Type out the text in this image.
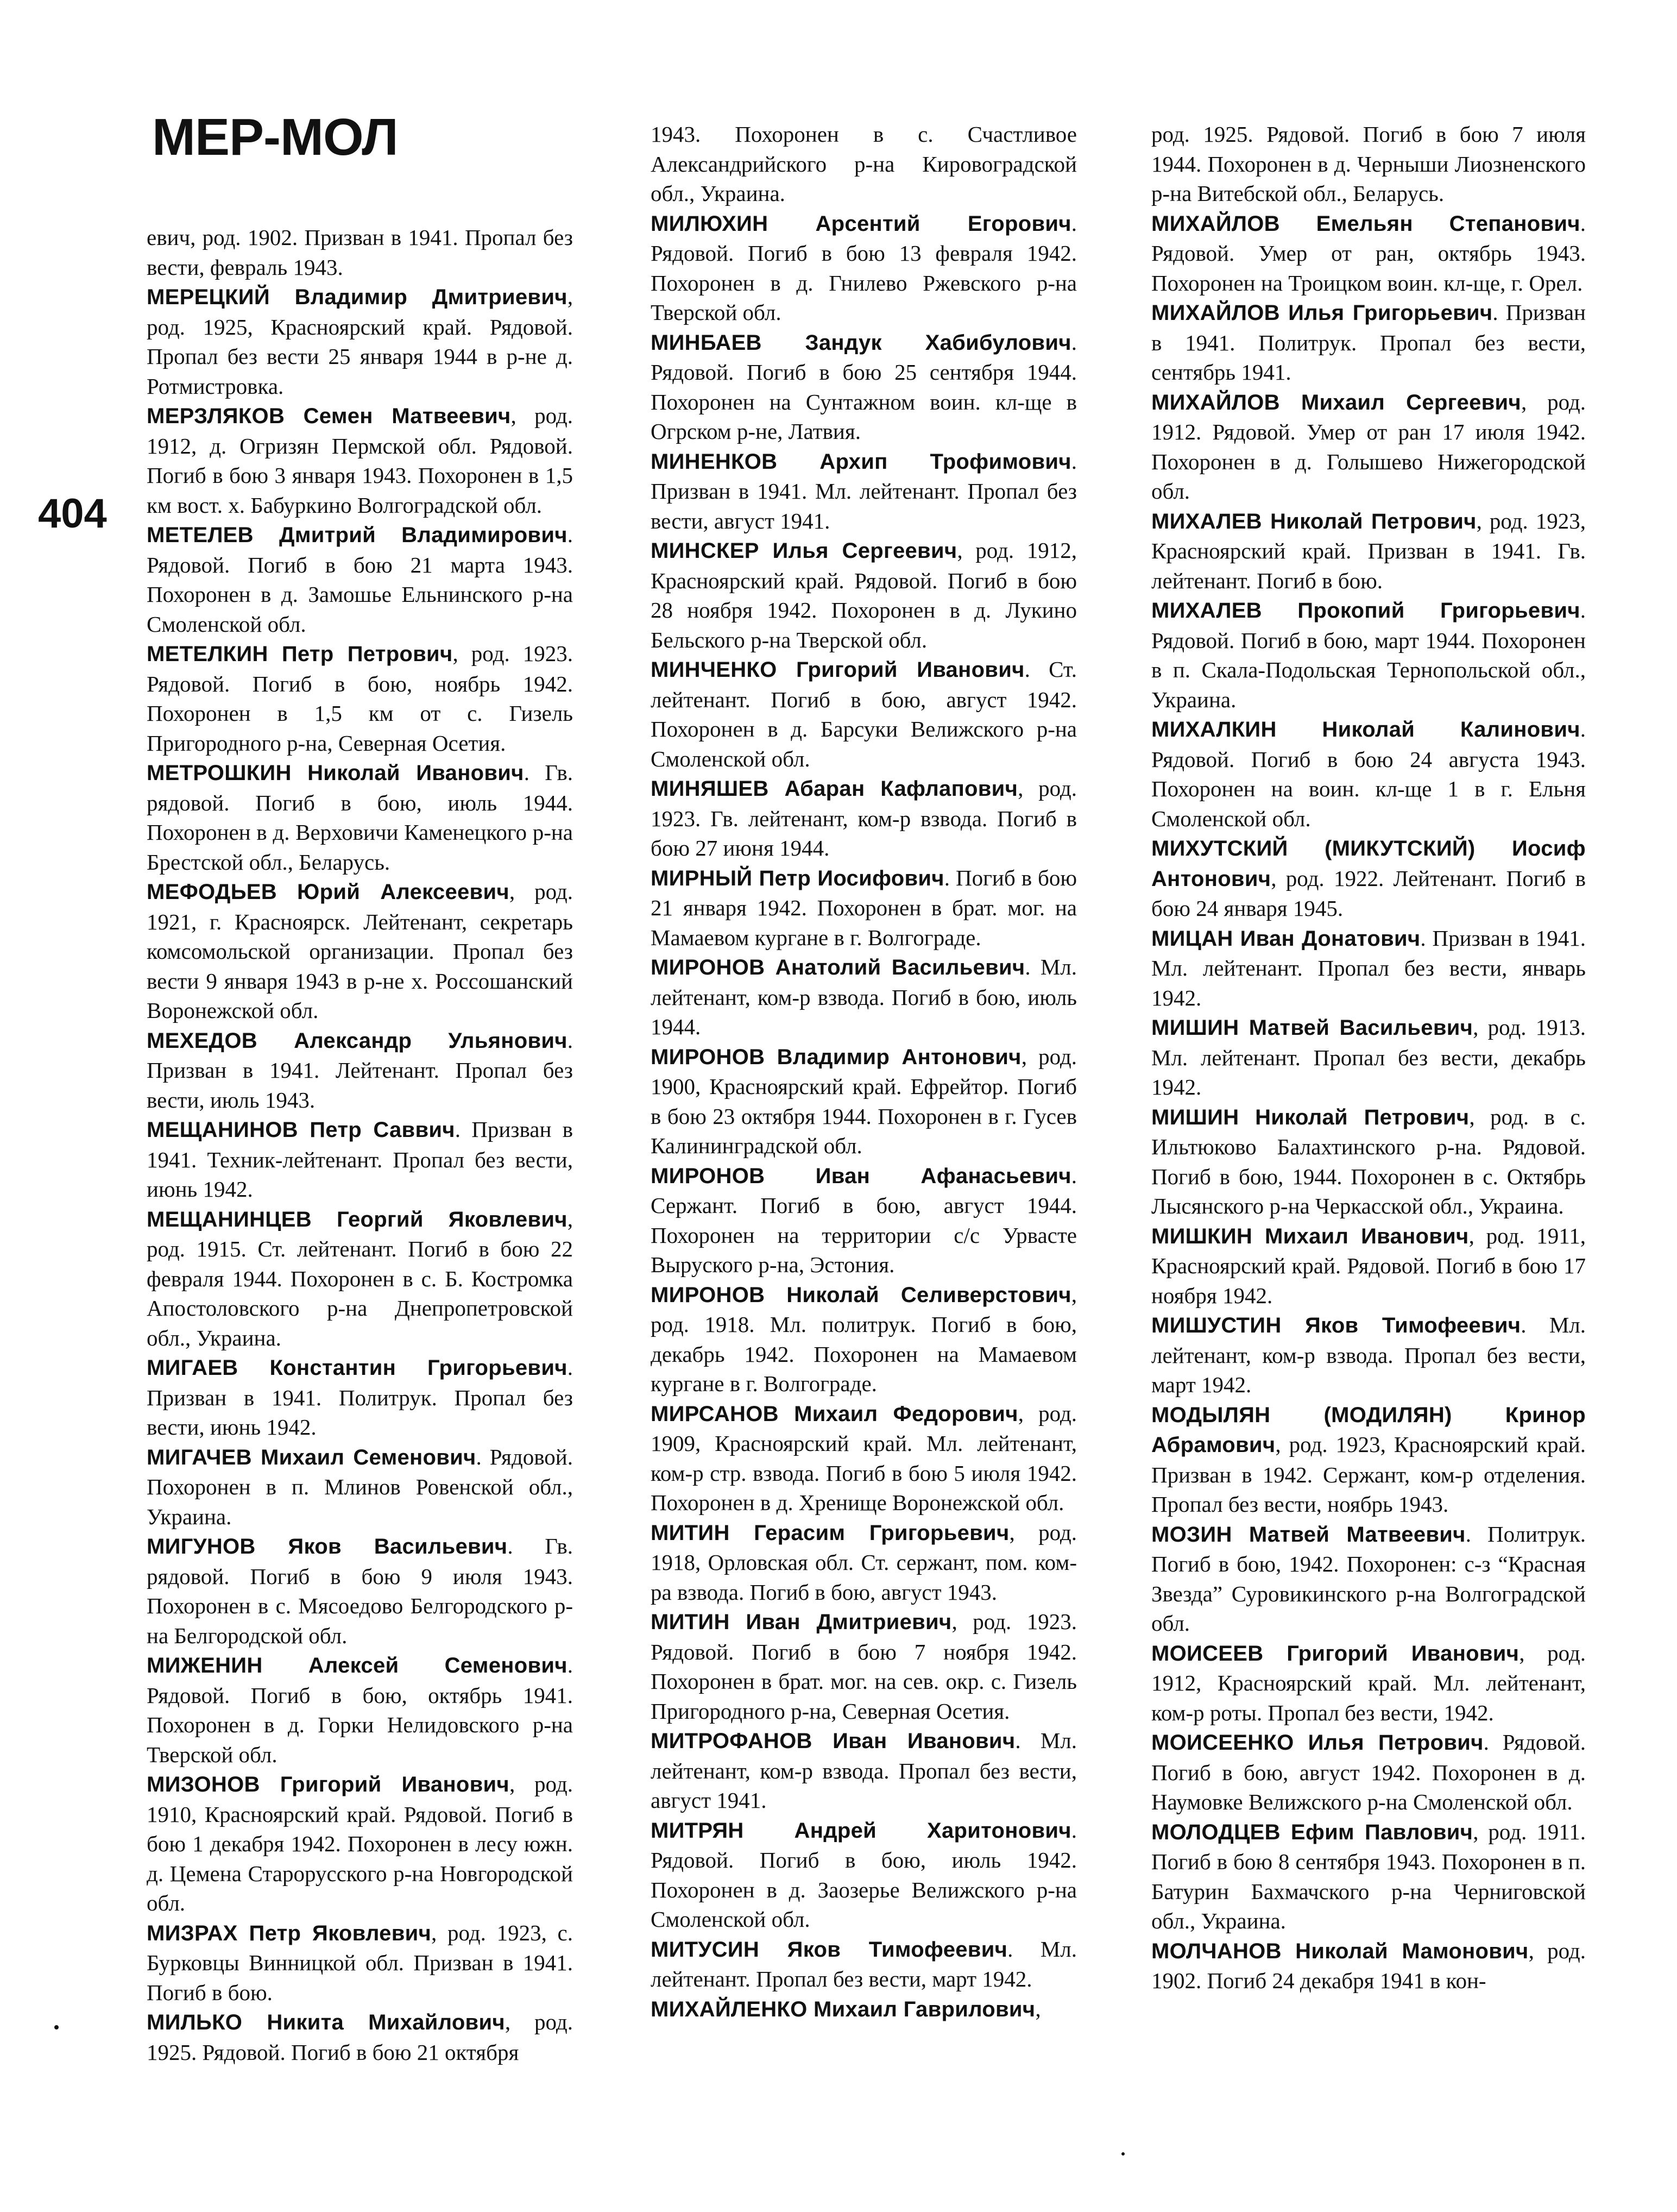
МЕР-МОЛ
404

евич, род. 1902. Призван в 1941. Пропал без вести, февраль 1943.

МЕРЕЦКИЙ Владимир Дмитриевич, род. 1925, Красноярский край. Рядовой. Пропал без вести 25 января 1944 в р-не д. Ротмистровка.

МЕРЗЛЯКОВ Семен Матвеевич, род. 1912, д. Огризян Пермской обл. Рядовой. Погиб в бою 3 января 1943. Похоронен в 1,5 км вост. х. Бабуркино Волгоградской обл.

МЕТЕЛЕВ Дмитрий Владимирович. Рядовой. Погиб в бою 21 марта 1943. Похоронен в д. Замошье Ельнинского р-на Смоленской обл.

МЕТЕЛКИН Петр Петрович, род. 1923. Рядовой. Погиб в бою, ноябрь 1942. Похоронен в 1,5 км от с. Гизель Пригородного р-на, Северная Осетия.

МЕТРОШКИН Николай Иванович. Гв. рядовой. Погиб в бою, июль 1944. Похоронен в д. Верховичи Каменецкого р-на Брестской обл., Беларусь.

МЕФОДЬЕВ Юрий Алексеевич, род. 1921, г. Красноярск. Лейтенант, секретарь комсомольской организации. Пропал без вести 9 января 1943 в р-не х. Россошанский Воронежской обл.

МЕХЕДОВ Александр Ульянович. Призван в 1941. Лейтенант. Пропал без вести, июль 1943.

МЕЩАНИНОВ Петр Саввич. Призван в 1941. Техник-лейтенант. Пропал без вести, июнь 1942.

МЕЩАНИНЦЕВ Георгий Яковлевич, род. 1915. Ст. лейтенант. Погиб в бою 22 февраля 1944. Похоронен в с. Б. Костромка Апостоловского р-на Днепропетровской обл., Украина.

МИГАЕВ Константин Григорьевич. Призван в 1941. Политрук. Пропал без вести, июнь 1942.

МИГАЧЕВ Михаил Семенович. Рядовой. Похоронен в п. Млинов Ровенской обл., Украина.

МИГУНОВ Яков Васильевич. Гв. рядовой. Погиб в бою 9 июля 1943. Похоронен в с. Мясоедово Белгородского р-на Белгородской обл.

МИЖЕНИН Алексей Семенович. Рядовой. Погиб в бою, октябрь 1941. Похоронен в д. Горки Нелидовского р-на Тверской обл.

МИЗОНОВ Григорий Иванович, род. 1910, Красноярский край. Рядовой. Погиб в бою 1 декабря 1942. Похоронен в лесу южн. д. Цемена Старорусского р-на Новгородской обл.

МИЗРАХ Петр Яковлевич, род. 1923, с. Бурковцы Винницкой обл. Призван в 1941. Погиб в бою.

МИЛЬКО Никита Михайлович, род. 1925. Рядовой. Погиб в бою 21 октября

1943. Похоронен в с. Счастливое Александрийского р-на Кировоградской обл., Украина.

МИЛЮХИН Арсентий Егорович. Рядовой. Погиб в бою 13 февраля 1942. Похоронен в д. Гнилево Ржевского р-на Тверской обл.

МИНБАЕВ Зандук Хабибулович. Рядовой. Погиб в бою 25 сентября 1944. Похоронен на Сунтажном воин. кл-ще в Огрском р-не, Латвия.

МИНЕНКОВ Архип Трофимович. Призван в 1941. Мл. лейтенант. Пропал без вести, август 1941.

МИНСКЕР Илья Сергеевич, род. 1912, Красноярский край. Рядовой. Погиб в бою 28 ноября 1942. Похоронен в д. Лукино Бельского р-на Тверской обл.

МИНЧЕНКО Григорий Иванович. Ст. лейтенант. Погиб в бою, август 1942. Похоронен в д. Барсуки Велижского р-на Смоленской обл.

МИНЯШЕВ Абаран Кафлапович, род. 1923. Гв. лейтенант, ком-р взвода. Погиб в бою 27 июня 1944.

МИРНЫЙ Петр Иосифович. Погиб в бою 21 января 1942. Похоронен в брат. мог. на Мамаевом кургане в г. Волгограде.

МИРОНОВ Анатолий Васильевич. Мл. лейтенант, ком-р взвода. Погиб в бою, июль 1944.

МИРОНОВ Владимир Антонович, род. 1900, Красноярский край. Ефрейтор. Погиб в бою 23 октября 1944. Похоронен в г. Гусев Калининградской обл.

МИРОНОВ Иван Афанасьевич. Сержант. Погиб в бою, август 1944. Похоронен на территории с/с Урвасте Выруского р-на, Эстония.

МИРОНОВ Николай Селиверстович, род. 1918. Мл. политрук. Погиб в бою, декабрь 1942. Похоронен на Мамаевом кургане в г. Волгограде.

МИРСАНОВ Михаил Федорович, род. 1909, Красноярский край. Мл. лейтенант, ком-р стр. взвода. Погиб в бою 5 июля 1942. Похоронен в д. Хренище Воронежской обл.

МИТИН Герасим Григорьевич, род. 1918, Орловская обл. Ст. сержант, пом. ком-ра взвода. Погиб в бою, август 1943.

МИТИН Иван Дмитриевич, род. 1923. Рядовой. Погиб в бою 7 ноября 1942. Похоронен в брат. мог. на сев. окр. с. Гизель Пригородного р-на, Северная Осетия.

МИТРОФАНОВ Иван Иванович. Мл. лейтенант, ком-р взвода. Пропал без вести, август 1941.

МИТРЯН Андрей Харитонович. Рядовой. Погиб в бою, июль 1942. Похоронен в д. Заозерье Велижского р-на Смоленской обл.

МИТУСИН Яков Тимофеевич. Мл. лейтенант. Пропал без вести, март 1942.

МИХАЙЛЕНКО Михаил Гаврилович,

род. 1925. Рядовой. Погиб в бою 7 июля 1944. Похоронен в д. Черныши Лиозненского р-на Витебской обл., Беларусь.

МИХАЙЛОВ Емельян Степанович. Рядовой. Умер от ран, октябрь 1943. Похоронен на Троицком воин. кл-ще, г. Орел.

МИХАЙЛОВ Илья Григорьевич. Призван в 1941. Политрук. Пропал без вести, сентябрь 1941.

МИХАЙЛОВ Михаил Сергеевич, род. 1912. Рядовой. Умер от ран 17 июля 1942. Похоронен в д. Голышево Нижегородской обл.

МИХАЛЕВ Николай Петрович, род. 1923, Красноярский край. Призван в 1941. Гв. лейтенант. Погиб в бою.

МИХАЛЕВ Прокопий Григорьевич. Рядовой. Погиб в бою, март 1944. Похоронен в п. Скала-Подольская Тернопольской обл., Украина.

МИХАЛКИН Николай Калинович. Рядовой. Погиб в бою 24 августа 1943. Похоронен на воин. кл-ще 1 в г. Ельня Смоленской обл.

МИХУТСКИЙ (МИКУТСКИЙ) Иосиф Антонович, род. 1922. Лейтенант. Погиб в бою 24 января 1945.

МИЦАН Иван Донатович. Призван в 1941. Мл. лейтенант. Пропал без вести, январь 1942.

МИШИН Матвей Васильевич, род. 1913. Мл. лейтенант. Пропал без вести, декабрь 1942.

МИШИН Николай Петрович, род. в с. Ильтюково Балахтинского р-на. Рядовой. Погиб в бою, 1944. Похоронен в с. Октябрь Лысянского р-на Черкасской обл., Украина.

МИШКИН Михаил Иванович, род. 1911, Красноярский край. Рядовой. Погиб в бою 17 ноября 1942.

МИШУСТИН Яков Тимофеевич. Мл. лейтенант, ком-р взвода. Пропал без вести, март 1942.

МОДЫЛЯН (МОДИЛЯН) Кринор Абрамович, род. 1923, Красноярский край. Призван в 1942. Сержант, ком-р отделения. Пропал без вести, ноябрь 1943.

МОЗИН Матвей Матвеевич. Политрук. Погиб в бою, 1942. Похоронен: с-з “Красная Звезда” Суровикинского р-на Волгоградской обл.

МОИСЕЕВ Григорий Иванович, род. 1912, Красноярский край. Мл. лейтенант, ком-р роты. Пропал без вести, 1942.

МОИСЕЕНКО Илья Петрович. Рядовой. Погиб в бою, август 1942. Похоронен в д. Наумовке Велижского р-на Смоленской обл.

МОЛОДЦЕВ Ефим Павлович, род. 1911. Погиб в бою 8 сентября 1943. Похоронен в п. Батурин Бахмачского р-на Черниговской обл., Украина.

МОЛЧАНОВ Николай Мамонович, род. 1902. Погиб 24 декабря 1941 в кон-
